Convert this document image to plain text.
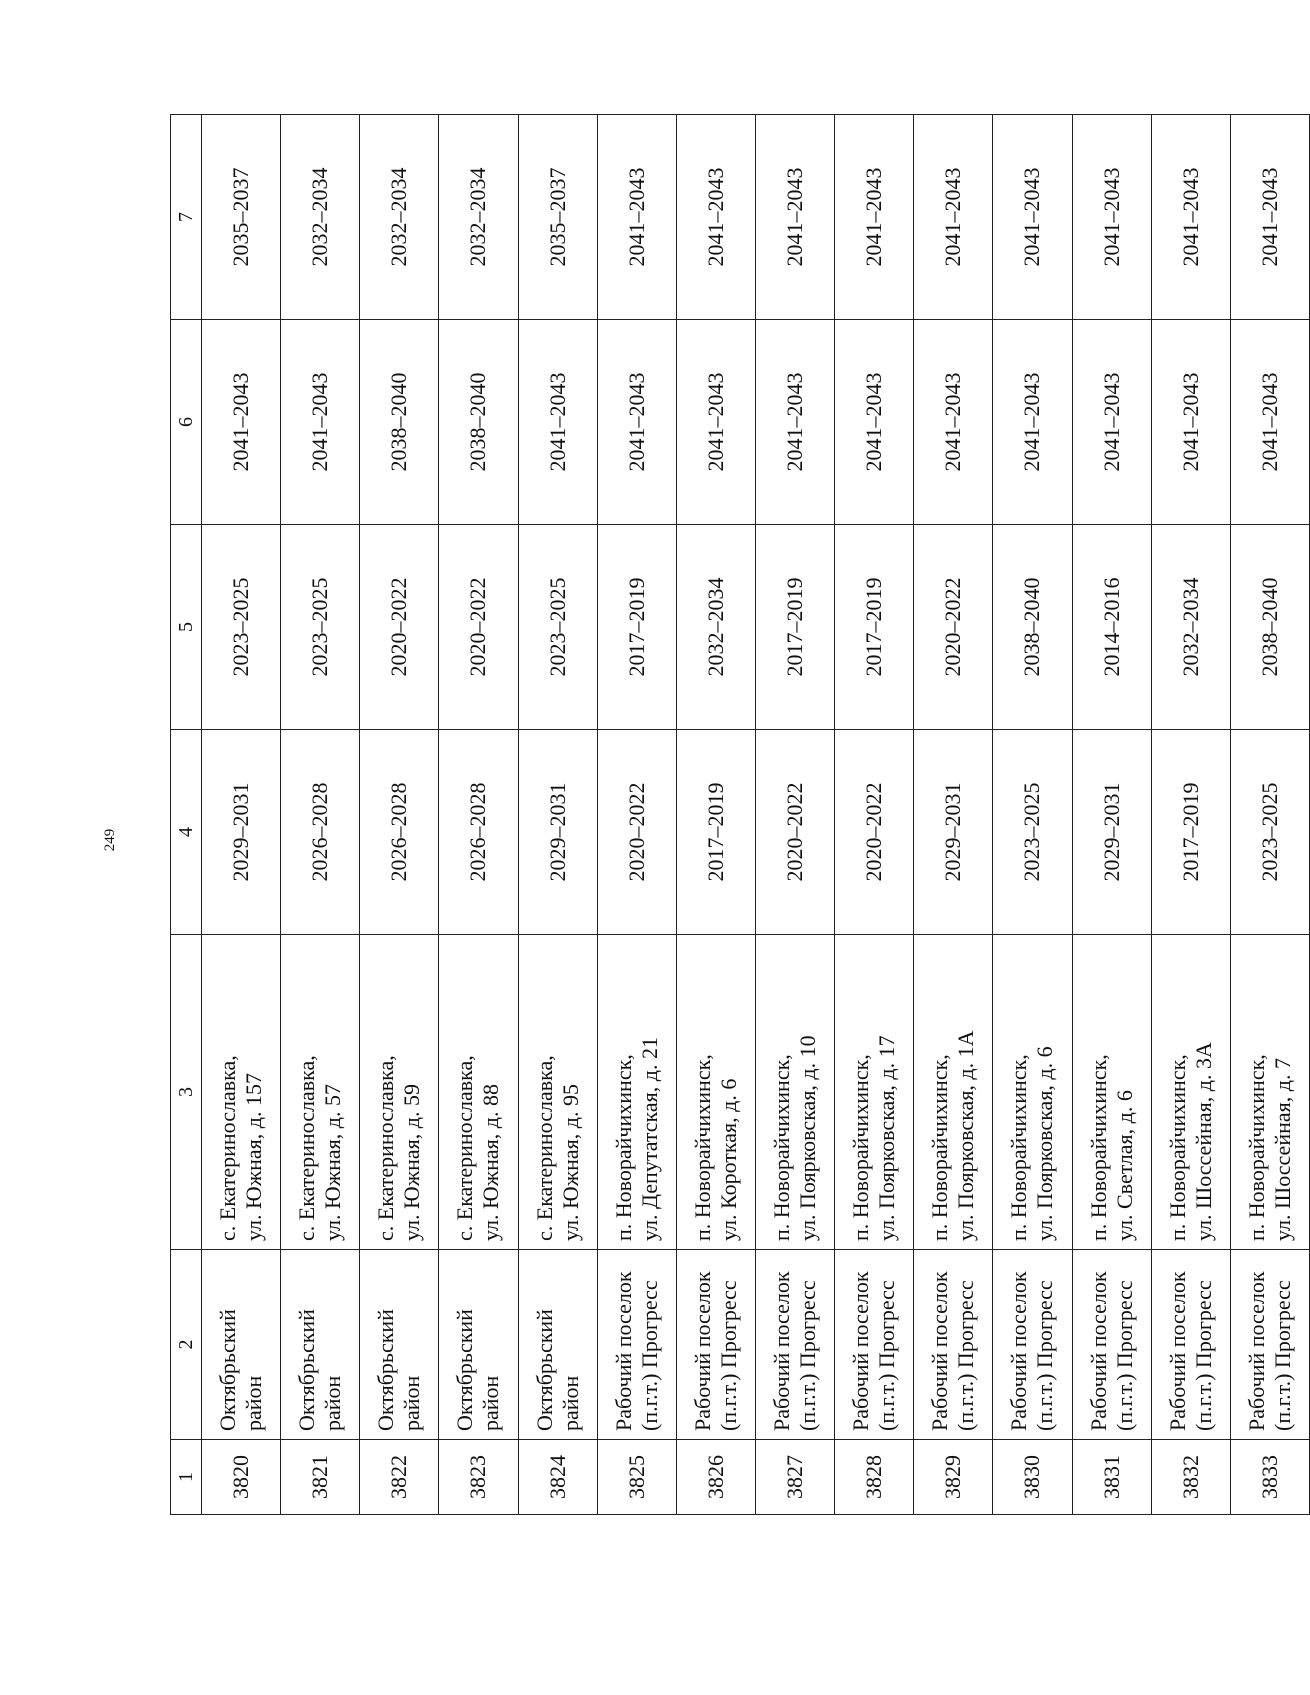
249
1	2	3	4	5	6	7
3820	Октябрьский район	с. Екатеринославка, ул. Южная, д. 157	2029–2031	2023–2025	2041–2043	2035–2037
3821	Октябрьский район	с. Екатеринославка, ул. Южная, д. 57	2026–2028	2023–2025	2041–2043	2032–2034
3822	Октябрьский район	с. Екатеринославка, ул. Южная, д. 59	2026–2028	2020–2022	2038–2040	2032–2034
3823	Октябрьский район	с. Екатеринославка, ул. Южная, д. 88	2026–2028	2020–2022	2038–2040	2032–2034
3824	Октябрьский район	с. Екатеринославка, ул. Южная, д. 95	2029–2031	2023–2025	2041–2043	2035–2037
3825	Рабочий поселок (п.г.т.) Прогресс	п. Новорайчихинск, ул. Депутатская, д. 21	2020–2022	2017–2019	2041–2043	2041–2043
3826	Рабочий поселок (п.г.т.) Прогресс	п. Новорайчихинск, ул. Короткая, д. 6	2017–2019	2032–2034	2041–2043	2041–2043
3827	Рабочий поселок (п.г.т.) Прогресс	п. Новорайчихинск, ул. Поярковская, д. 10	2020–2022	2017–2019	2041–2043	2041–2043
3828	Рабочий поселок (п.г.т.) Прогресс	п. Новорайчихинск, ул. Поярковская, д. 17	2020–2022	2017–2019	2041–2043	2041–2043
3829	Рабочий поселок (п.г.т.) Прогресс	п. Новорайчихинск, ул. Поярковская, д. 1А	2029–2031	2020–2022	2041–2043	2041–2043
3830	Рабочий поселок (п.г.т.) Прогресс	п. Новорайчихинск, ул. Поярковская, д. 6	2023–2025	2038–2040	2041–2043	2041–2043
3831	Рабочий поселок (п.г.т.) Прогресс	п. Новорайчихинск, ул. Светлая, д. 6	2029–2031	2014–2016	2041–2043	2041–2043
3832	Рабочий поселок (п.г.т.) Прогресс	п. Новорайчихинск, ул. Шоссейная, д. 3А	2017–2019	2032–2034	2041–2043	2041–2043
3833	Рабочий поселок (п.г.т.) Прогресс	п. Новорайчихинск, ул. Шоссейная, д. 7	2023–2025	2038–2040	2041–2043	2041–2043
